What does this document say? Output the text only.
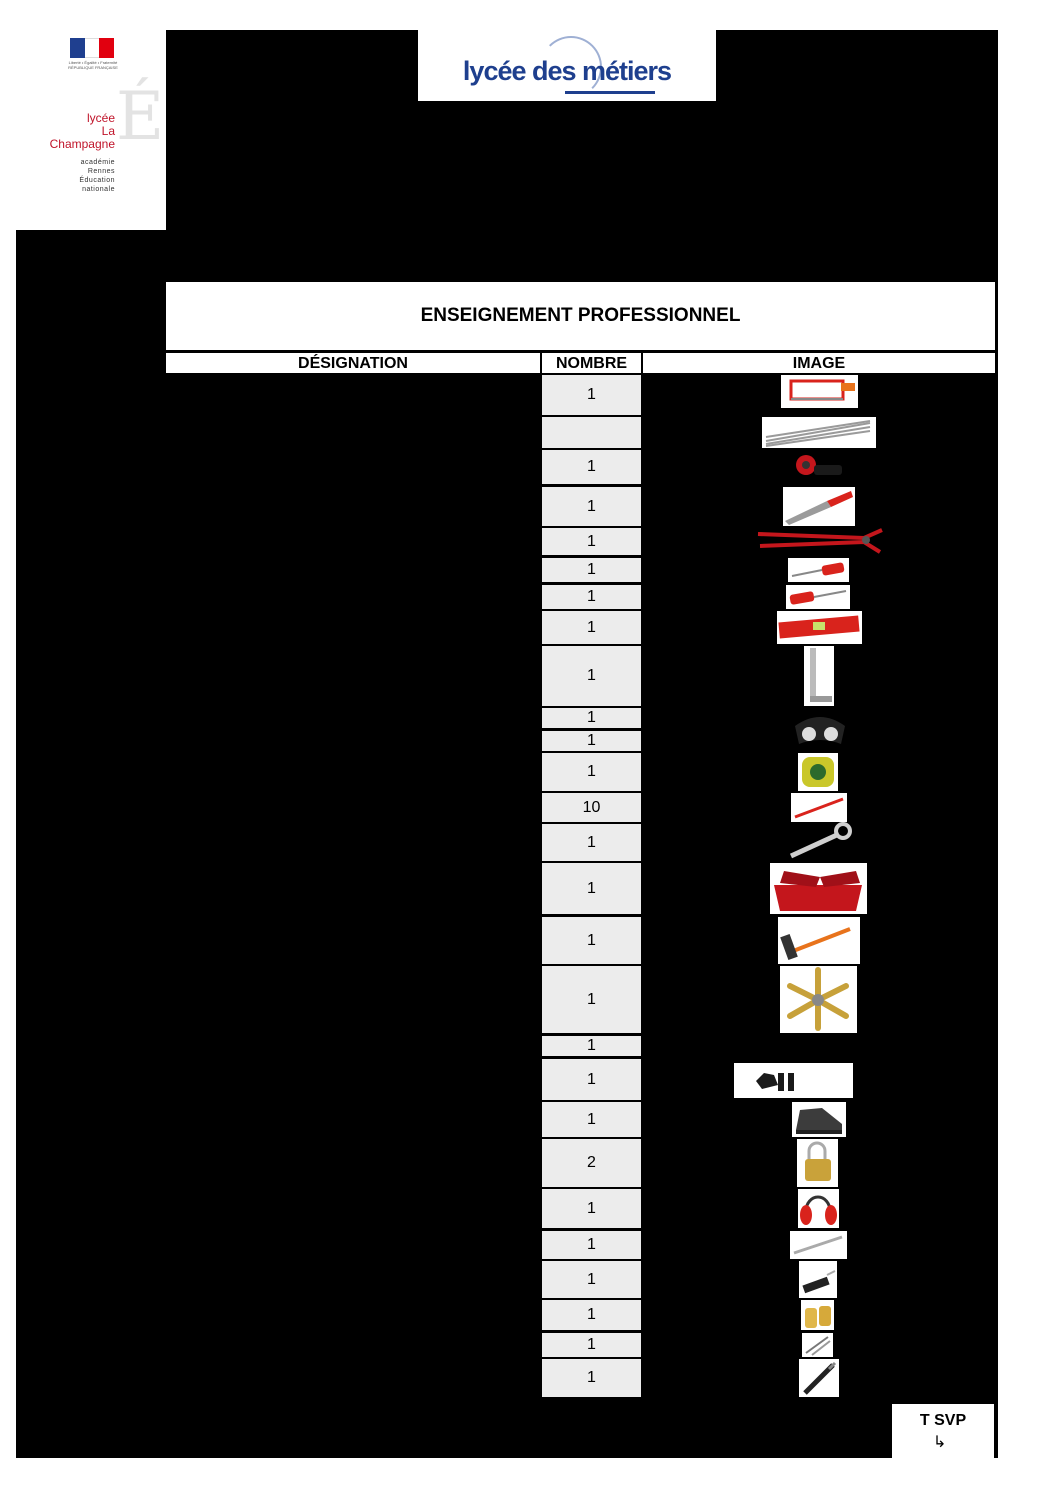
Liberté • Égalité • Fraternité
RÉPUBLIQUE FRANÇAISE
É
lycée
La Champagne
académie
Rennes
Éducation
nationale
lycée des métiers
ENSEIGNEMENT PROFESSIONNEL
DÉSIGNATION	NOMBRE	IMAGE
1
1
1
1
1
1
1
1
1
1
1
10
1
1
1
1
1
1
1
2
1
1
1
1
1
1
T SVP
↳
